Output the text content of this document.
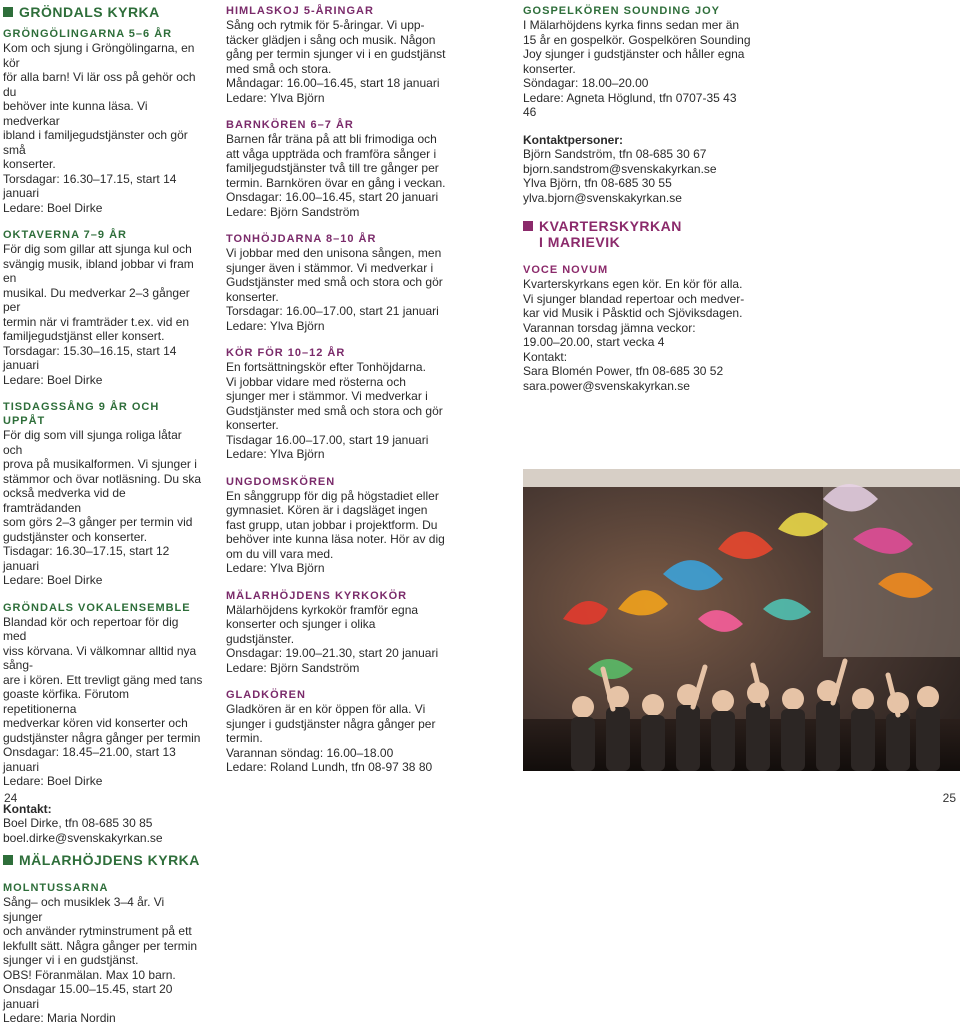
GRÖNDALS KYRKA

GRÖNGÖLINGARNA 5–6 ÅR

Kom och sjung i Gröngölingarna, en kör

för alla barn! Vi lär oss på gehör och du

behöver inte kunna läsa. Vi medverkar

ibland i familjegudstjänster och gör små

konserter.

Torsdagar: 16.30–17.15, start 14 januari

Ledare: Boel Dirke

OKTAVERNA 7–9 ÅR

För dig som gillar att sjunga kul och

svängig musik, ibland jobbar vi fram en

musikal. Du medverkar 2–3 gånger per

termin när vi framträder t.ex. vid en

familjegudstjänst eller konsert.

Torsdagar: 15.30–16.15, start 14 januari

Ledare: Boel Dirke

TISDAGSSÅNG 9 ÅR OCH UPPÅT

För dig som vill sjunga roliga låtar och

prova på musikalformen. Vi sjunger i

stämmor och övar notläsning. Du ska

också medverka vid de framträdanden

som görs 2–3 gånger per termin vid

gudstjänster och konserter.

Tisdagar: 16.30–17.15, start 12 januari

Ledare: Boel Dirke

GRÖNDALS VOKALENSEMBLE

Blandad kör och repertoar för dig med

viss körvana. Vi välkomnar alltid nya sång-

are i kören. Ett trevligt gäng med tans

goaste körfika. Förutom repetitionerna

medverkar kören vid konserter och

gudstjänster några gånger per termin

Onsdagar: 18.45–21.00, start 13 januari

Ledare: Boel Dirke

Kontakt:

Boel Dirke, tfn 08-685 30 85

boel.dirke@svenskakyrkan.se

MÄLARHÖJDENS KYRKA

MOLNTUSSARNA

Sång– och musiklek 3–4 år. Vi sjunger

och använder rytminstrument på ett

lekfullt sätt. Några gånger per termin

sjunger vi i en gudstjänst.

OBS! Föranmälan. Max 10 barn.

Onsdagar 15.00–15.45, start 20 januari

Ledare: Maria Nordin

HIMLASKOJ 5-ÅRINGAR

Sång och rytmik för 5-åringar. Vi upp-

täcker glädjen i sång och musik. Någon

gång per termin sjunger vi i en gudstjänst

med små och stora.

Måndagar: 16.00–16.45, start 18 januari

Ledare: Ylva Björn

BARNKÖREN 6–7 ÅR

Barnen får träna på att bli frimodiga och

att våga uppträda och framföra sånger i

familjegudstjänster två till tre gånger per

termin. Barnkören övar en gång i veckan.

Onsdagar: 16.00–16.45, start 20 januari

Ledare: Björn Sandström

TONHÖJDARNA 8–10 ÅR

Vi jobbar med den unisona sången, men

sjunger även i stämmor. Vi medverkar i

Gudstjänster med små och stora och gör

konserter.

Torsdagar: 16.00–17.00, start 21 januari

Ledare: Ylva Björn

KÖR FÖR 10–12 ÅR

En fortsättningskör efter Tonhöjdarna.

Vi jobbar vidare med rösterna och

sjunger mer i stämmor. Vi medverkar i

Gudstjänster med små och stora och gör

konserter.

Tisdagar 16.00–17.00, start 19 januari

Ledare: Ylva Björn

UNGDOMSKÖREN

En sånggrupp för dig på högstadiet eller

gymnasiet. Kören är i dagsläget ingen

fast grupp, utan jobbar i projektform. Du

behöver inte kunna läsa noter. Hör av dig

om du vill vara med.

Ledare: Ylva Björn

MÄLARHÖJDENS KYRKOKÖR

Mälarhöjdens kyrkokör framför egna

konserter och sjunger i olika gudstjänster.

Onsdagar: 19.00–21.30, start 20 januari

Ledare: Björn Sandström

GLADKÖREN

Gladkören är en kör öppen för alla. Vi

sjunger i gudstjänster några gånger per

termin.

Varannan söndag: 16.00–18.00

Ledare: Roland Lundh, tfn 08-97 38 80

GOSPELKÖREN SOUNDING JOY

I Mälarhöjdens kyrka finns sedan mer än

15 år en gospelkör. Gospelkören Sounding

Joy sjunger i gudstjänster och håller egna

konserter.

Söndagar: 18.00–20.00

Ledare: Agneta Höglund, tfn 0707-35 43 46

Kontaktpersoner:

Björn Sandström, tfn 08-685 30 67

bjorn.sandstrom@svenskakyrkan.se

Ylva Björn, tfn 08-685 30 55

ylva.bjorn@svenskakyrkan.se

KVARTERSKYRKAN
I MARIEVIK

VOCE NOVUM

Kvarterskyrkans egen kör. En kör för alla.

Vi sjunger blandad repertoar och medver-

kar vid Musik i Påsktid och Sjöviksdagen.

Varannan torsdag jämna veckor:

19.00–20.00, start vecka 4

Kontakt:

Sara Blomén Power, tfn 08-685 30 52

sara.power@svenskakyrkan.se

24	25
